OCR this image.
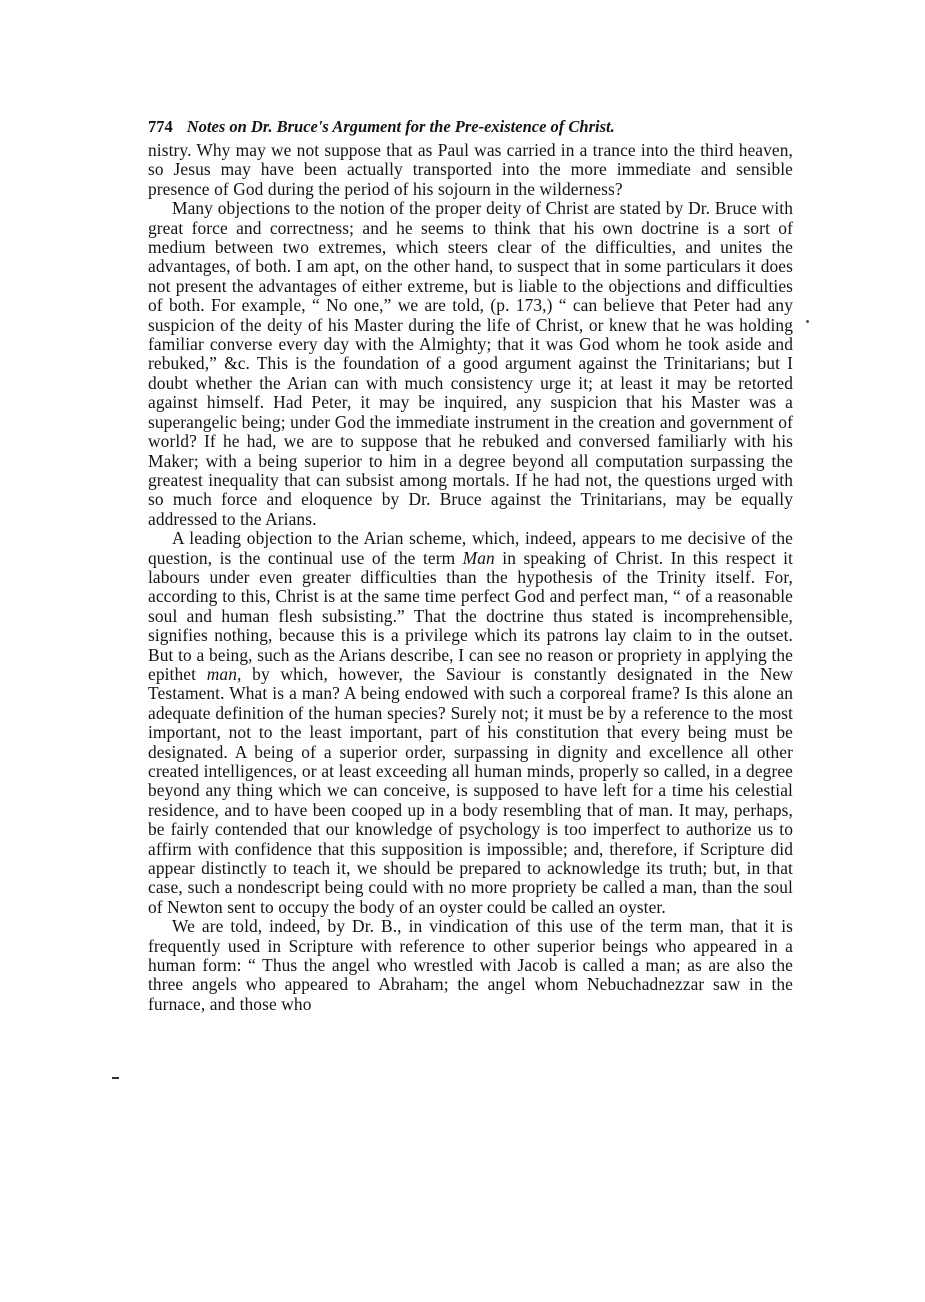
774 Notes on Dr. Bruce's Argument for the Pre-existence of Christ.

nistry. Why may we not suppose that as Paul was carried in a trance into the third heaven, so Jesus may have been actually transported into the more immediate and sensible presence of God during the period of his sojourn in the wilderness?

Many objections to the notion of the proper deity of Christ are stated by Dr. Bruce with great force and correctness; and he seems to think that his own doctrine is a sort of medium between two extremes, which steers clear of the difficulties, and unites the advantages, of both. I am apt, on the other hand, to suspect that in some particulars it does not present the advantages of either extreme, but is liable to the objections and difficulties of both. For example, “ No one,” we are told, (p. 173,) “ can believe that Peter had any suspicion of the deity of his Master during the life of Christ, or knew that he was holding familiar converse every day with the Almighty; that it was God whom he took aside and rebuked,” &c. This is the foundation of a good argument against the Trinitarians; but I doubt whether the Arian can with much consistency urge it; at least it may be retorted against himself. Had Peter, it may be inquired, any suspicion that his Master was a superangelic being; under God the immediate instrument in the creation and government of world? If he had, we are to suppose that he rebuked and conversed familiarly with his Maker; with a being superior to him in a degree beyond all computation surpassing the greatest inequality that can subsist among mortals. If he had not, the questions urged with so much force and eloquence by Dr. Bruce against the Trinitarians, may be equally addressed to the Arians.

A leading objection to the Arian scheme, which, indeed, appears to me decisive of the question, is the continual use of the term Man in speaking of Christ. In this respect it labours under even greater difficulties than the hypothesis of the Trinity itself. For, according to this, Christ is at the same time perfect God and perfect man, “ of a reasonable soul and human flesh subsisting.” That the doctrine thus stated is incomprehensible, signifies nothing, because this is a privilege which its patrons lay claim to in the outset. But to a being, such as the Arians describe, I can see no reason or propriety in applying the epithet man, by which, however, the Saviour is constantly designated in the New Testament. What is a man? A being endowed with such a corporeal frame? Is this alone an adequate definition of the human species? Surely not; it must be by a reference to the most important, not to the least important, part of his constitution that every being must be designated. A being of a superior order, surpassing in dignity and excellence all other created intelligences, or at least exceeding all human minds, properly so called, in a degree beyond any thing which we can conceive, is supposed to have left for a time his celestial residence, and to have been cooped up in a body resembling that of man. It may, perhaps, be fairly contended that our knowledge of psychology is too imperfect to authorize us to affirm with confidence that this supposition is impossible; and, therefore, if Scripture did appear distinctly to teach it, we should be prepared to acknowledge its truth; but, in that case, such a nondescript being could with no more propriety be called a man, than the soul of Newton sent to occupy the body of an oyster could be called an oyster.

We are told, indeed, by Dr. B., in vindication of this use of the term man, that it is frequently used in Scripture with reference to other superior beings who appeared in a human form: “ Thus the angel who wrestled with Jacob is called a man; as are also the three angels who appeared to Abraham; the angel whom Nebuchadnezzar saw in the furnace, and those who
